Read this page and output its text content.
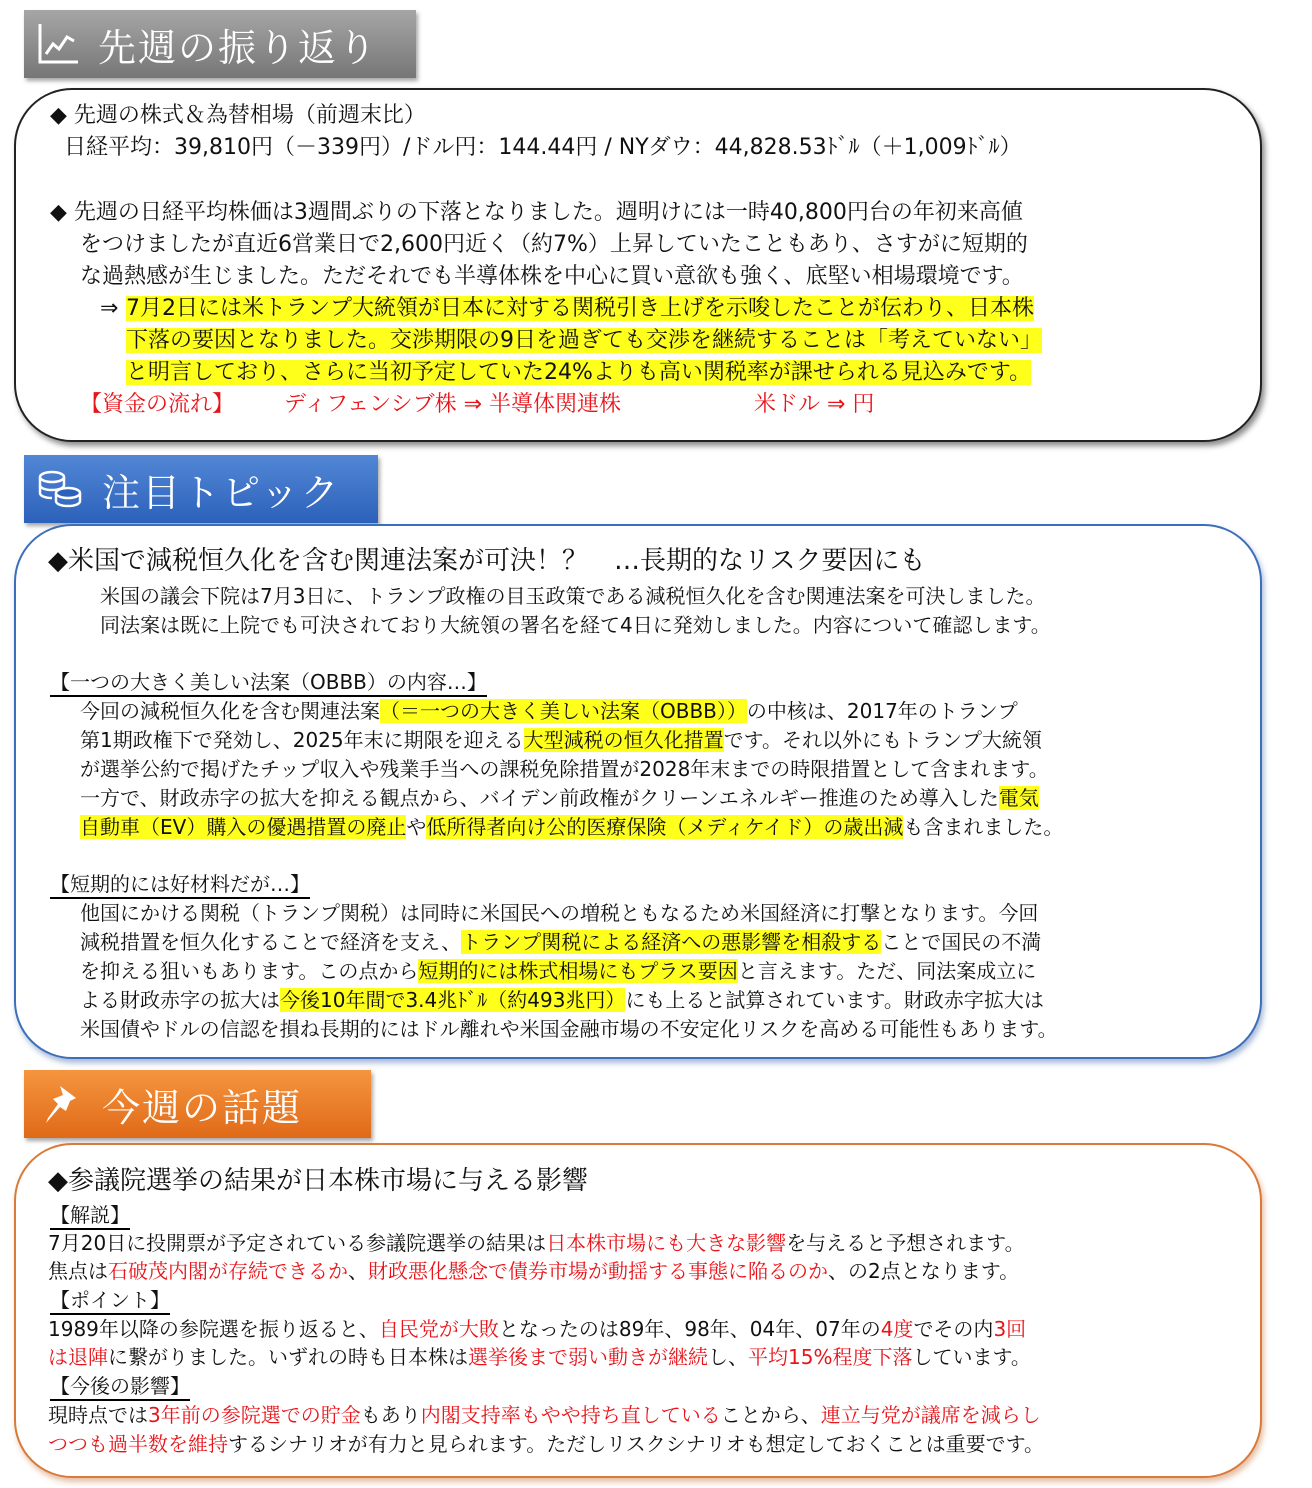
先週の振り返り
◆ 先週の株式＆為替相場（前週末比）
日経平均：39,810円（－339円）/ドル円：144.44円 / NYダウ：44,828.53ﾄﾞﾙ（＋1,009ﾄﾞﾙ）
◆ 先週の日経平均株価は3週間ぶりの下落となりました。週明けには一時40,800円台の年初来高値
をつけましたが直近6営業日で2,600円近く（約7%）上昇していたこともあり、さすがに短期的
な過熱感が生じました。ただそれでも半導体株を中心に買い意欲も強く、底堅い相場環境です。
⇒ 7月2日には米トランプ大統領が日本に対する関税引き上げを示唆したことが伝わり、日本株
下落の要因となりました。交渉期限の9日を過ぎても交渉を継続することは「考えていない」
と明言しており、さらに当初予定していた24%よりも高い関税率が課せられる見込みです。
【資金の流れ】 ディフェンシブ株 ⇒ 半導体関連株	米ドル ⇒ 円
注目トピック
◆米国で減税恒久化を含む関連法案が可決！？　…長期的なリスク要因にも
米国の議会下院は7月3日に、トランプ政権の目玉政策である減税恒久化を含む関連法案を可決しました。
同法案は既に上院でも可決されており大統領の署名を経て4日に発効しました。内容について確認します。
【一つの大きく美しい法案（OBBB）の内容…】
今回の減税恒久化を含む関連法案（＝一つの大きく美しい法案（OBBB））の中核は、2017年のトランプ
第1期政権下で発効し、2025年末に期限を迎える大型減税の恒久化措置です。それ以外にもトランプ大統領
が選挙公約で掲げたチップ収入や残業手当への課税免除措置が2028年末までの時限措置として含まれます。
一方で、財政赤字の拡大を抑える観点から、バイデン前政権がクリーンエネルギー推進のため導入した電気
自動車（EV）購入の優遇措置の廃止や低所得者向け公的医療保険（メディケイド）の歳出減も含まれました。
【短期的には好材料だが…】
他国にかける関税（トランプ関税）は同時に米国民への増税ともなるため米国経済に打撃となります。今回
減税措置を恒久化することで経済を支え、トランプ関税による経済への悪影響を相殺することで国民の不満
を抑える狙いもあります。この点から短期的には株式相場にもプラス要因と言えます。ただ、同法案成立に
よる財政赤字の拡大は今後10年間で3.4兆ﾄﾞﾙ（約493兆円）にも上ると試算されています。財政赤字拡大は
米国債やドルの信認を損ね長期的にはドル離れや米国金融市場の不安定化リスクを高める可能性もあります。
今週の話題
◆参議院選挙の結果が日本株市場に与える影響
【解説】
7月20日に投開票が予定されている参議院選挙の結果は日本株市場にも大きな影響を与えると予想されます。
焦点は石破茂内閣が存続できるか、財政悪化懸念で債券市場が動揺する事態に陥るのか、の2点となります。
【ポイント】
1989年以降の参院選を振り返ると、自民党が大敗となったのは89年、98年、04年、07年の4度でその内3回
は退陣に繋がりました。いずれの時も日本株は選挙後まで弱い動きが継続し、平均15%程度下落しています。
【今後の影響】
現時点では3年前の参院選での貯金もあり内閣支持率もやや持ち直していることから、連立与党が議席を減らし
つつも過半数を維持するシナリオが有力と見られます。ただしリスクシナリオも想定しておくことは重要です。
